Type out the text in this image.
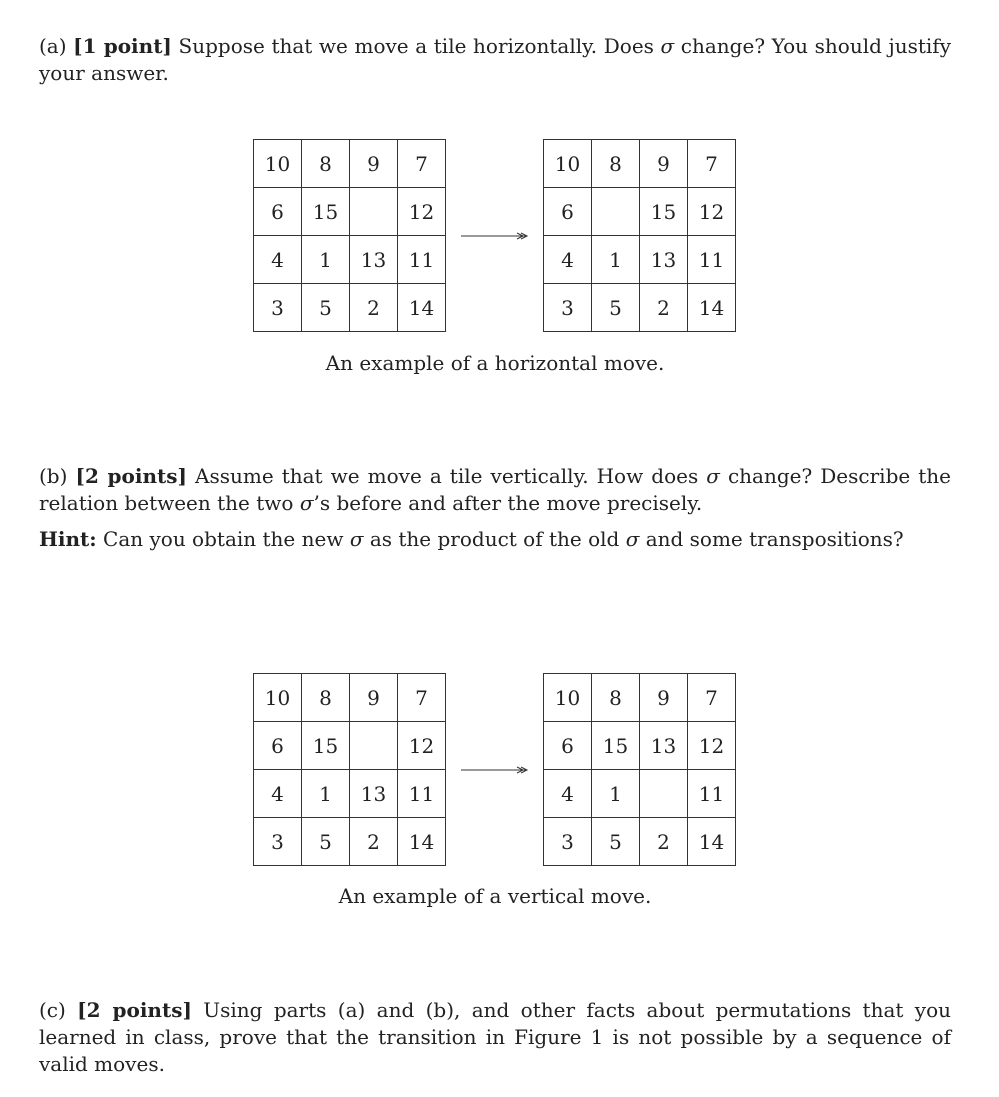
(a) [1 point] Suppose that we move a tile horizontally. Does σ change? You should justify your answer.

10	8	9	7
6	15		12
4	1	13	11
3	5	2	14
10	8	9	7
6		15	12
4	1	13	11
3	5	2	14
An example of a horizontal move.

(b) [2 points] Assume that we move a tile vertically. How does σ change? Describe the relation between the two σ’s before and after the move precisely.

Hint: Can you obtain the new σ as the product of the old σ and some transpositions?

10	8	9	7
6	15		12
4	1	13	11
3	5	2	14
10	8	9	7
6	15	13	12
4	1		11
3	5	2	14
An example of a vertical move.

(c) [2 points] Using parts (a) and (b), and other facts about permutations that you learned in class, prove that the transition in Figure 1 is not possible by a sequence of valid moves.
